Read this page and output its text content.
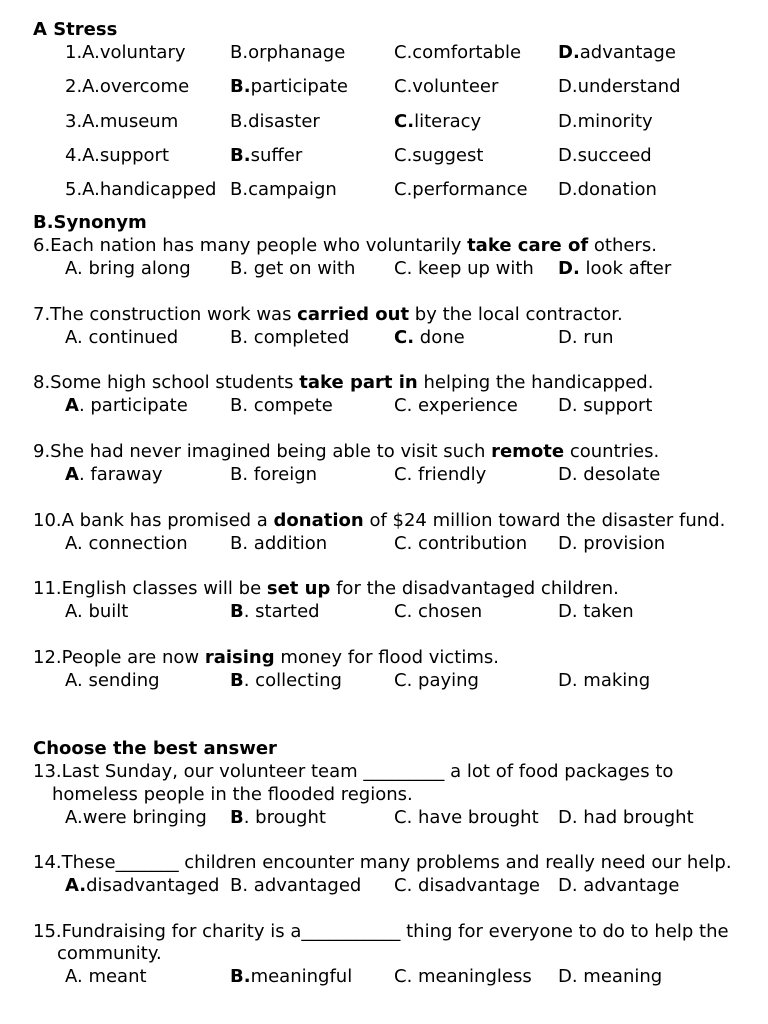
A Stress
1.A.voluntary B.orphanage	C.comfortable D.advantage
2.A.overcome B.participate	C.volunteer	D.understand
3.A.museum	B.disaster	C.literacy	D.minority
4.A.support	B.suffer	C.suggest	D.succeed
5.A.handicapped B.campaign	C.performance D.donation
B.Synonym
6.Each nation has many people who voluntarily take care of others.
A. bring along B. get on with C. keep up with D. look after
7.The construction work was carried out by the local contractor.
A. continued	B. completed C. done	D. run
8.Some high school students take part in helping the handicapped.
A. participate B. compete	C. experience D. support
9.She had never imagined being able to visit such remote countries.
A. faraway	B. foreign	C. friendly	D. desolate
10.A bank has promised a donation of $24 million toward the disaster fund.
A. connection B. addition	C. contribution D. provision
11.English classes will be set up for the disadvantaged children.
A. built	B. started	C. chosen	D. taken
12.People are now raising money for flood victims.
A. sending	B. collecting	C. paying	D. making
Choose the best answer
13.Last Sunday, our volunteer team _________ a lot of food packages to
homeless people in the flooded regions.
A.were bringing B. brought	C. have brought D. had brought
14.These_______ children encounter many problems and really need our help.
A.disadvantaged B. advantaged C. disadvantage D. advantage
15.Fundraising for charity is a___________ thing for everyone to do to help the
community.
A. meant	B.meaningful C. meaningless D. meaning
